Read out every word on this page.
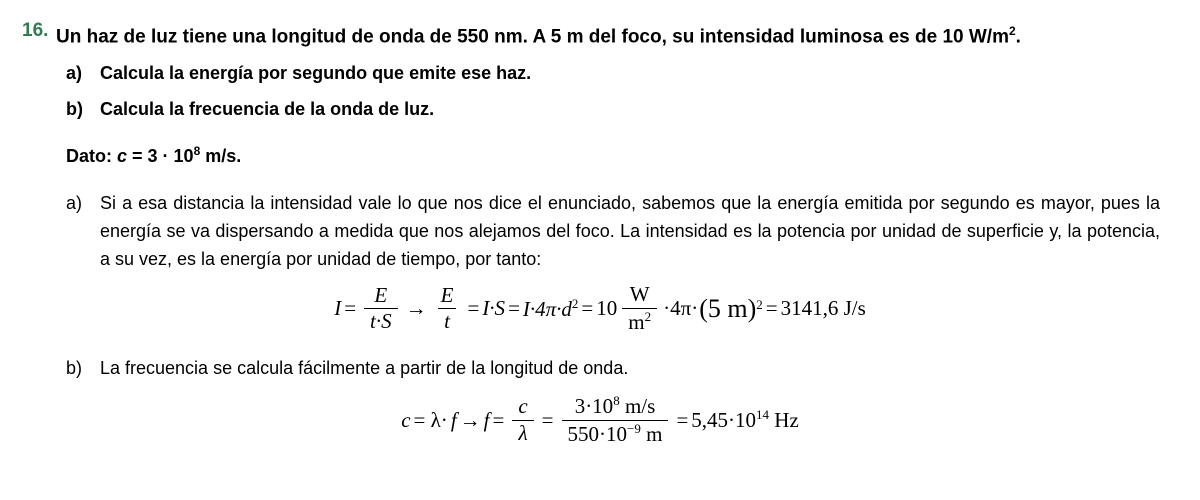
16. Un haz de luz tiene una longitud de onda de 550 nm. A 5 m del foco, su intensidad luminosa es de 10 $W/m^2$.
a) Calcula la energía por segundo que emite ese haz.
b) Calcula la frecuencia de la onda de luz.
Dato: $c = 3 \cdot 10^8$ m/s.
a) Si a esa distancia la intensidad vale lo que nos dice el enunciado, sabemos que la energía emitida por segundo es mayor, pues la energía se va dispersando a medida que nos alejamos del foco. La intensidad es la potencia por unidad de superficie y, la potencia, a su vez, es la energía por unidad de tiempo, por tanto:
$I = \frac{E}{t\cdot S} \to \frac{E}{t} = I\cdot S = I\cdot 4\pi\cdot d^2 = 10 \frac{W}{m^2} \cdot 4\pi\cdot (5$ m) 2 = 3141,6 J/s
b) La frecuencia se calcula fácilmente a partir de la longitud de onda.
$c = \lambda\cdot f \to f = \frac{c}{\lambda} = \frac{3\cdot 10^8 m/s}{550\cdot 10^{-9} m} = 5,45\cdot 10^{14}$ Hz
